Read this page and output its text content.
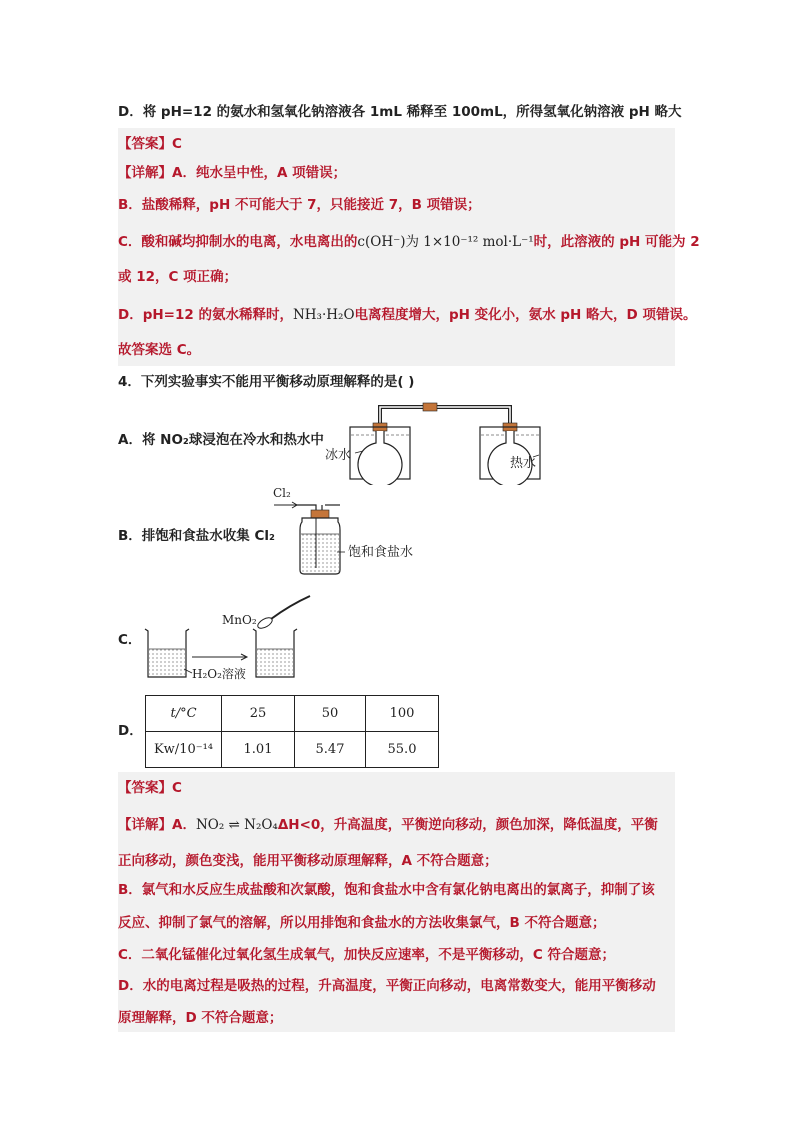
D．将 pH=12 的氨水和氢氧化钠溶液各 1mL 稀释至 100mL，所得氢氧化钠溶液 pH 略大
【答案】C
【详解】A．纯水呈中性，A 项错误；
B．盐酸稀释，pH 不可能大于 7，只能接近 7，B 项错误；
C．酸和碱均抑制水的电离，水电离出的c(OH⁻)为 1×10⁻¹² mol·L⁻¹时，此溶液的 pH 可能为 2
或 12，C 项正确；
D．pH=12 的氨水稀释时，NH₃·H₂O电离程度增大，pH 变化小，氨水 pH 略大，D 项错误。
故答案选 C。
4．下列实验事实不能用平衡移动原理解释的是( )
A．将 NO₂球浸泡在冷水和热水中
冰水
热水
B．排饱和食盐水收集 Cl₂
Cl₂
饱和食盐水
C．
MnO₂
H₂O₂溶液
D．
t/°C	25	50	100
Kw/10⁻¹⁴	1.01	5.47	55.0
【答案】C
【详解】A．NO₂ ⇌ N₂O₄ΔH<0，升高温度，平衡逆向移动，颜色加深，降低温度，平衡
正向移动，颜色变浅，能用平衡移动原理解释，A 不符合题意；
B．氯气和水反应生成盐酸和次氯酸，饱和食盐水中含有氯化钠电离出的氯离子，抑制了该
反应、抑制了氯气的溶解，所以用排饱和食盐水的方法收集氯气，B 不符合题意；
C．二氧化锰催化过氧化氢生成氧气，加快反应速率，不是平衡移动，C 符合题意；
D．水的电离过程是吸热的过程，升高温度，平衡正向移动，电离常数变大，能用平衡移动
原理解释，D 不符合题意；
